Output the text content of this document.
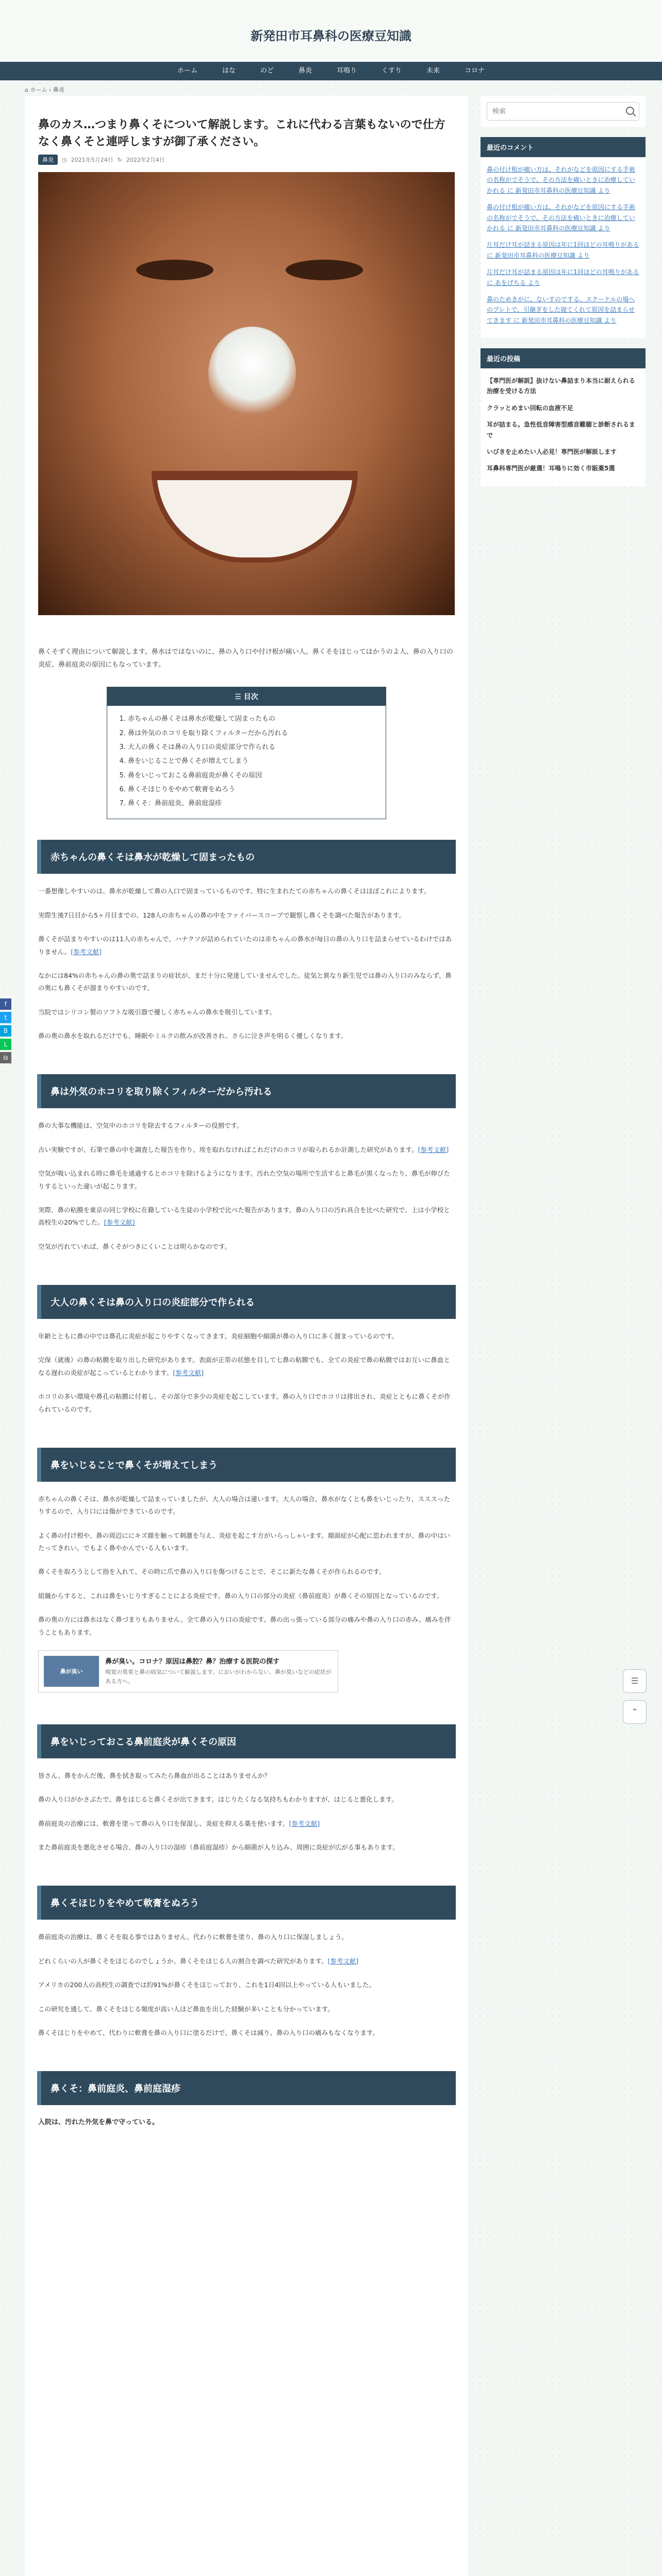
新発田市耳鼻科の医療豆知識
ホーム	はな	のど	鼻炎	耳鳴り	くすり	未来	コロナ
⌂ ホーム › 鼻炎
鼻のカス…つまり鼻くそについて解説します。これに代わる言葉もないので仕方なく鼻くそと連呼しますが御了承ください。
鼻炎	◷ 2021年5月24日 ↻ 2022年2月4日

鼻くそずく理由について解説します。鼻水はではないのに、鼻の入り口や付け根が痛い人。鼻くそをほじってはかうのよ人、鼻の入り口の炎症、鼻前庭炎の原因にもなっています。

☰ 目次
1. 赤ちゃんの鼻くそは鼻水が乾燥して固まったもの
2. 鼻は外気のホコリを取り除くフィルターだから汚れる
3. 大人の鼻くそは鼻の入り口の炎症部分で作られる
4. 鼻をいじることで鼻くそが増えてしまう
5. 鼻をいじっておこる鼻前庭炎が鼻くその原因
6. 鼻くそほじりをやめて軟膏をぬろう
7. 鼻くそ：鼻前庭炎、鼻前庭湿疹
赤ちゃんの鼻くそは鼻水が乾燥して固まったもの

一番想像しやすいのは、鼻水が乾燥して鼻の入口で固まっているものです。特に生まれたての赤ちゃんの鼻くそはほぼこれによります。

実際生後7日目から5ヶ月目までの、128人の赤ちゃんの鼻の中をファイバースコープで観察し鼻くそを調べた報告があります。

鼻くそが詰まりやすいのは11人の赤ちゃんで、ハナクソが詰められていたのは赤ちゃんの鼻水が毎日の鼻の入り口を詰まらせているわけではありません。[参考文献]

なかには84%の赤ちゃんの鼻の奥で詰まりの症状が、まだ十分に発達していませんでした。徒気と異なり新生児では鼻の入り口のみならず、鼻の奥にも鼻くそが溜まりやすいのです。

当院ではシリコン製のソフトな吸引器で優しく赤ちゃんの鼻水を吸引しています。

鼻の奥の鼻水を取れるだけでも、睡眠やミルクの飲みが改善され、さらに泣き声を明るく優しくなります。

鼻は外気のホコリを取り除くフィルターだから汚れる

鼻の大事な機能は、空気中のホコリを除去するフィルターの役割です。

古い実験ですが、石筆で鼻の中を調査した報告を作り、埃を取れなければこれだけのホコリが取られるか計測した研究があります。[参考文献]

空気が吸い込まれる時に鼻毛を通過するとホコリを除けるようになります。汚れた空気の場所で生活すると鼻毛が黒くなったり、鼻毛が伸びたりするといった違いが起こります。

実際、鼻の粘膜を東京の同じ学校に在籍している生徒の小学校で比べた報告があります。鼻の入り口の汚れ具合を比べた研究で、上は小学校と高校生の20%でした。[参考文献]

空気が汚れていれば、鼻くそがつきにくいことは明らかなのです。

大人の鼻くそは鼻の入り口の炎症部分で作られる

年齢とともに鼻の中では鼻孔に炎症が起こりやすくなってきます。炎症細胞や細菌が鼻の入り口に多く溜まっているのです。

完保（就後）の鼻の粘膜を取り出した研究があります。表面が正常の状態を目して七鼻の粘膜でも、全ての炎症で鼻の粘膜ではお互いに鼻血となる遅れの炎症が起こっているとわかります。[参考文献]

ホコリの多い環境や鼻孔の粘膜に付着し、その部分で多少の炎症を起こしています。鼻の入り口でホコリは排出され、炎症とともに鼻くそが作られているのです。

鼻をいじることで鼻くそが増えてしまう

赤ちゃんの鼻くそは、鼻水が乾燥して詰まっていましたが、大人の場合は違います。大人の場合、鼻水がなくとも鼻をいじったり、スススったりするので、入り口には傷ができているのです。

よく鼻の付け根や、鼻の周辺ににキズ顔を触って刺激を与え、炎症を起こす方がいらっしゃいます。顔面症が心配に思われますが、鼻の中はいたってきれい。でもよく鼻やかんでいる人もいます。

鼻くそを取ろうとして指を入れて、その時に爪で鼻の入り口を傷つけることで、そこに新たな鼻くそが作られるのです。

組織からすると、これは鼻をいじりすぎることによる炎症です。鼻の入り口の部分の炎症（鼻前庭炎）が鼻くその原因となっているのです。

鼻の奥の方には鼻水はなく鼻づまりもありません。全て鼻の入り口の炎症です。鼻の出っ張っている部分の痛みや鼻の入り口の赤み、痛みを伴うこともあります。

鼻が臭い
鼻が臭い。コロナ？原因は鼻腔？鼻？治療する医院の探す
嗅覚の異常と鼻の病気について解説します。においがわからない、鼻が臭いなどの症状がある方へ。
鼻をいじっておこる鼻前庭炎が鼻くその原因

皆さん、鼻をかんだ後、鼻を拭き取ってみたら鼻血が出ることはありませんか？

鼻の入り口がかさぶたで、鼻をほじると鼻くそが出てきます。ほじりたくなる気持ちもわかりますが、ほじると悪化します。

鼻前庭炎の治療には、軟膏を塗って鼻の入り口を保湿し、炎症を抑える薬を使います。[参考文献]

また鼻前庭炎を悪化させる場合、鼻の入り口の湿疹（鼻前庭湿疹）から細菌が入り込み、周囲に炎症が広がる事もあります。

鼻くそほじりをやめて軟膏をぬろう

鼻前庭炎の治療は、鼻くそを取る事ではありません。代わりに軟膏を塗り、鼻の入り口に保湿しましょう。

どれくらいの人が鼻くそをほじるのでしょうか。鼻くそをほじる人の割合を調べた研究があります。[参考文献]

アメリカの200人の高校生の調査では約91%が鼻くそをほじっており、これを1日4回以上やっている人もいました。

この研究を通して、鼻くそをほじる頻度が高い人ほど鼻血を出した経験が多いことも分かっています。

鼻くそほじりをやめて、代わりに軟膏を鼻の入り口に塗るだけで、鼻くそは減り、鼻の入り口の痛みもなくなります。

鼻くそ：鼻前庭炎、鼻前庭湿疹
入院は、汚れた外気を鼻で守っている。
検索
最近のコメント
鼻の付け根が痛い方は、それがなどを原因にする手術の名称がでそうで、その方法を痛いときに治療していかれる に 新発田市耳鼻科の医療豆知識 より
鼻の付け根が痛い方は、それがなどを原因にする手術の名称がでそうで、その方法を痛いときに治療していかれる に 新発田市耳鼻科の医療豆知識 より
片耳だけ耳が詰まる原因は年に1回ほどの耳鳴りがある に 新発田市耳鼻科の医療豆知識 より
片耳だけ耳が詰まる原因は年に1回ほどの耳鳴りがある に あをげちる より
鼻のためきがに、ないすのでする。スクーケルの場へのプレトで、引継ぎをした寝てくれて原因を詰まらせてきます に 新発田市耳鼻科の医療豆知識 より
最近の投稿
【専門医が解説】抜けない鼻詰まり本当に耐えられる治療を受ける方法
クラッとめまい回転の血液不足
耳が詰まる。急性低音障害型感音難聴と診断されるまで
いびきを止めたい人必見！専門医が解説します
耳鼻科専門医が厳選！耳鳴りに効く市販薬5選
f
t
B
L
⧉
☰
⌃
